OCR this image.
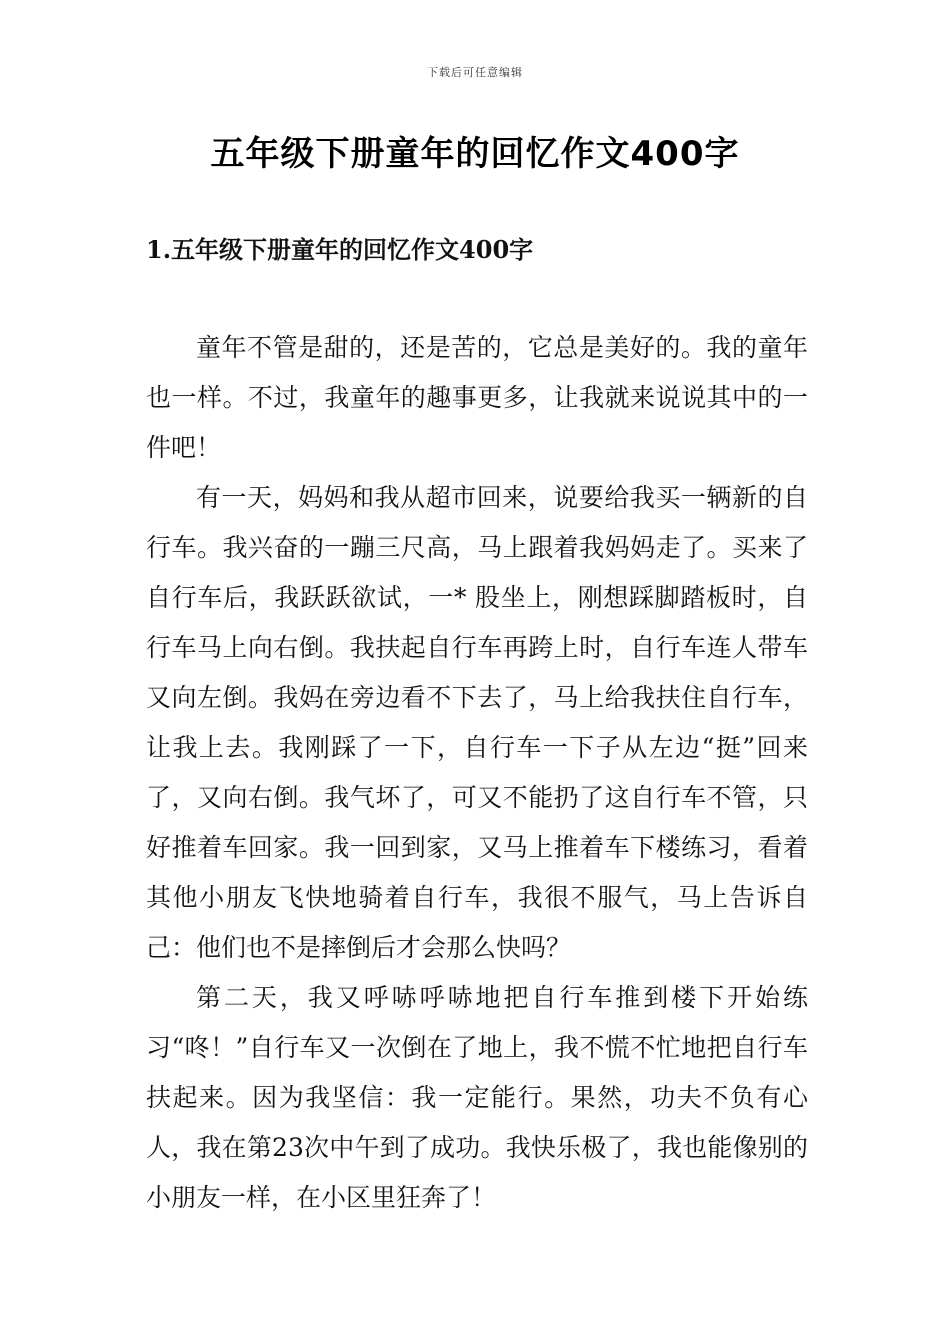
下载后可任意编辑
五年级下册童年的回忆作文400字
1.五年级下册童年的回忆作文400字

童年不管是甜的，还是苦的，它总是美好的。我的童年也一样。不过，我童年的趣事更多，让我就来说说其中的一件吧！

有一天，妈妈和我从超市回来，说要给我买一辆新的自行车。我兴奋的一蹦三尺高，马上跟着我妈妈走了。买来了自行车后，我跃跃欲试，一* 股坐上，刚想踩脚踏板时，自行车马上向右倒。我扶起自行车再跨上时，自行车连人带车又向左倒。我妈在旁边看不下去了，马上给我扶住自行车，让我上去。我刚踩了一下，自行车一下子从左边“挺”回来了，又向右倒。我气坏了，可又不能扔了这自行车不管，只好推着车回家。我一回到家，又马上推着车下楼练习，看着其他小朋友飞快地骑着自行车，我很不服气，马上告诉自己：他们也不是摔倒后才会那么快吗？

第二天，我又呼哧呼哧地把自行车推到楼下开始练习“咚！”自行车又一次倒在了地上，我不慌不忙地把自行车扶起来。因为我坚信：我一定能行。果然，功夫不负有心人，我在第23次中午到了成功。我快乐极了，我也能像别的小朋友一样，在小区里狂奔了！
